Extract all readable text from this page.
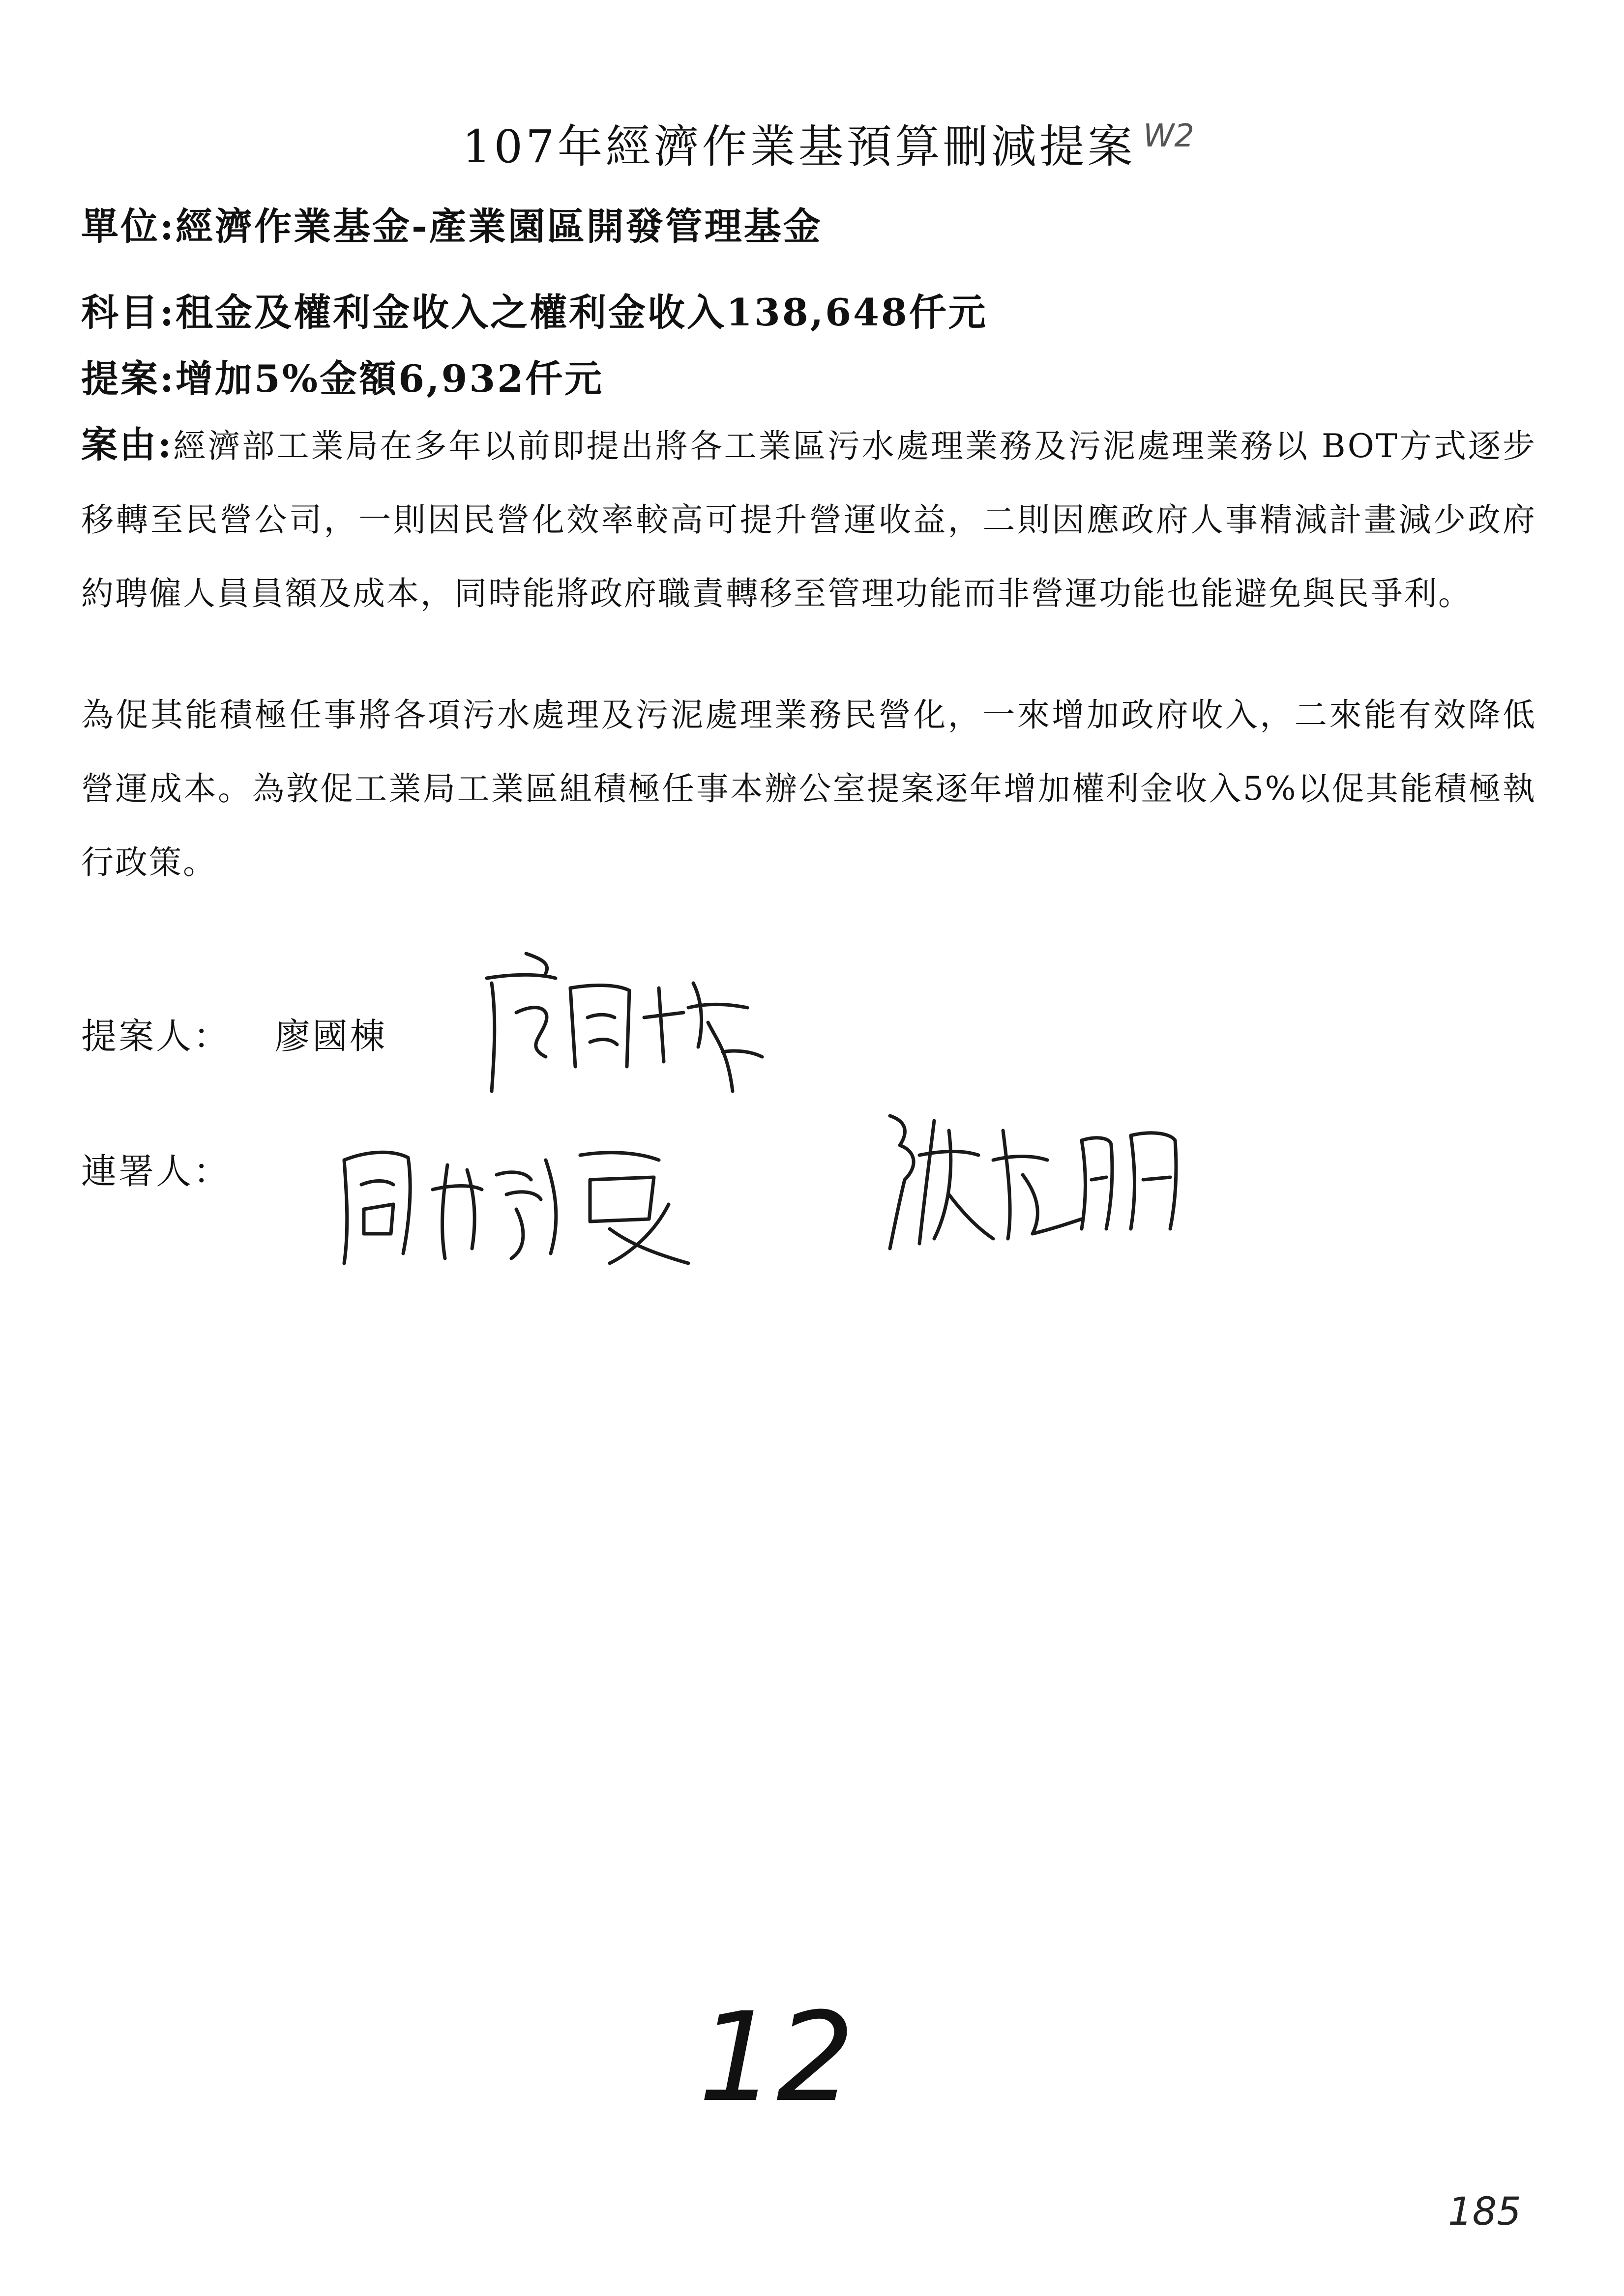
107年經濟作業基預算刪減提案 W2
單位:經濟作業基金-產業園區開發管理基金
科目:租金及權利金收入之權利金收入138,648仟元
提案:增加5%金額6,932仟元
案由:經濟部工業局在多年以前即提出將各工業區污水處理業務及污泥處理業務以 BOT方式逐步移轉至民營公司，一則因民營化效率較高可提升營運收益，二則因應政府人事精減計畫減少政府約聘僱人員員額及成本，同時能將政府職責轉移至管理功能而非營運功能也能避免與民爭利。
為促其能積極任事將各項污水處理及污泥處理業務民營化，一來增加政府收入，二來能有效降低營運成本。為敦促工業局工業區組積極任事本辦公室提案逐年增加權利金收入5%以促其能積極執行政策。
提案人： 廖國棟
連署人：
12
185
